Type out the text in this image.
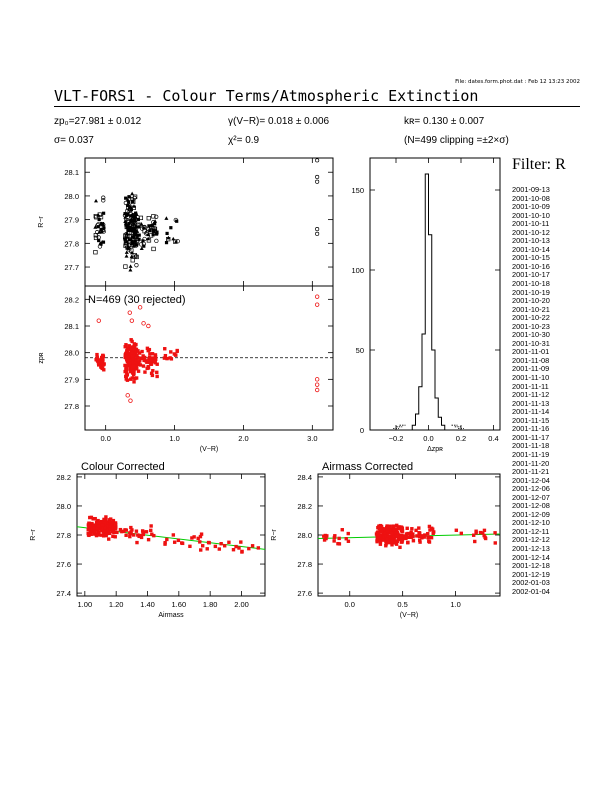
File: dates.form.phot.dat : Feb 12 13:23 2002
VLT-FORS1 - Colour Terms/Atmospheric Extinction
zp₀=27.981 ± 0.012	γ(V−R)= 0.018 ± 0.006	kʀ= 0.130 ± 0.007
σ= 0.037	χ²= 0.9	(N=499 clipping =±2×σ)
Filter: R
2001-09-13
2001-10-08
2001-10-09
2001-10-10
2001-10-11
2001-10-12
2001-10-13
2001-10-14
2001-10-15
2001-10-16
2001-10-17
2001-10-18
2001-10-19
2001-10-20
2001-10-21
2001-10-22
2001-10-23
2001-10-30
2001-10-31
2001-11-01
2001-11-08
2001-11-09
2001-11-10
2001-11-11
2001-11-12
2001-11-13
2001-11-14
2001-11-15
2001-11-16
2001-11-17
2001-11-18
2001-11-19
2001-11-20
2001-11-21
2001-12-04
2001-12-06
2001-12-07
2001-12-08
2001-12-09
2001-12-10
2001-12-11
2001-12-12
2001-12-13
2001-12-14
2001-12-18
2001-12-19
2002-01-03
2002-01-04
R−r
27.7
27.8
27.9
28.0
28.1
zpʀ
27.8
27.9
28.0
28.1
28.2
0.0	1.0	2.0	3.0
(V−R)
N=469 (30 rejected)
0
50
100
150
−0.2	0.0	0.2	0.4
Δzpʀ
R−r
27.4
27.6
27.8
28.0
28.2
1.00 1.20 1.40 1.60 1.80 2.00
Airmass
Colour Corrected
R−r
27.6
27.8
28.0
28.2
28.4
0.0	0.5	1.0
(V−R)
Airmass Corrected
